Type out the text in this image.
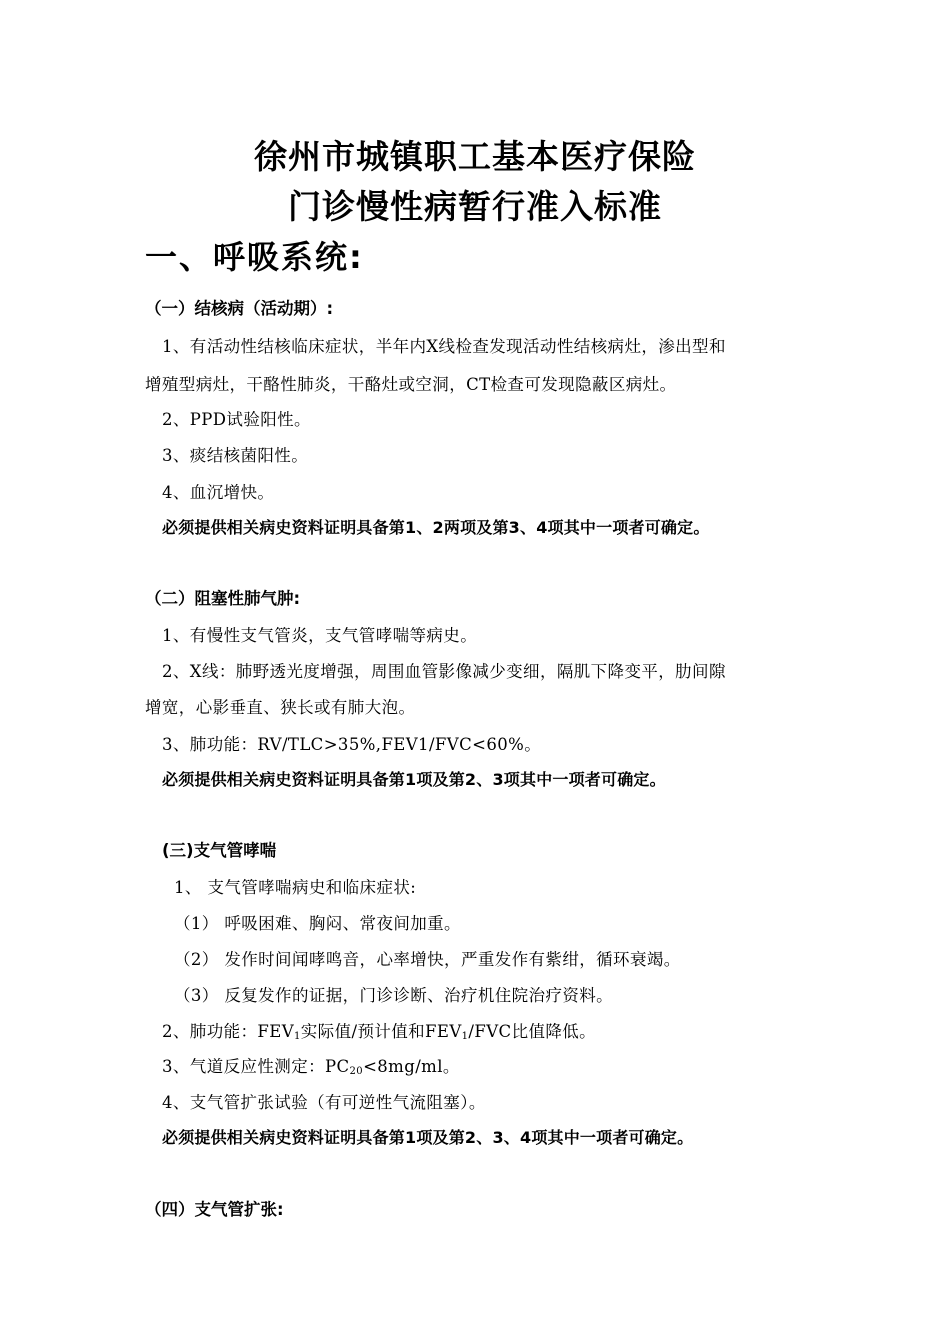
徐州市城镇职工基本医疗保险
门诊慢性病暂行准入标准
一、呼吸系统:
（一）结核病（活动期）:
1、有活动性结核临床症状，半年内X线检查发现活动性结核病灶，渗出型和
增殖型病灶，干酪性肺炎，干酪灶或空洞，CT检查可发现隐蔽区病灶。
2、PPD试验阳性。
3、痰结核菌阳性。
4、血沉增快。
必须提供相关病史资料证明具备第1、2两项及第3、4项其中一项者可确定。
（二）阻塞性肺气肿:
1、有慢性支气管炎，支气管哮喘等病史。
2、X线：肺野透光度增强，周围血管影像减少变细，隔肌下降变平，肋间隙
增宽，心影垂直、狭长或有肺大泡。
3、肺功能：RV/TLC>35%,FEV1/FVC<60%。
必须提供相关病史资料证明具备第1项及第2、3项其中一项者可确定。
(三)支气管哮喘
1、 支气管哮喘病史和临床症状:
（1） 呼吸困难、胸闷、常夜间加重。
（2） 发作时间闻哮鸣音，心率增快，严重发作有紫绀，循环衰竭。
（3） 反复发作的证据，门诊诊断、治疗机住院治疗资料。
2、肺功能：$FEV_1$实际值/预计值和$FEV_1$/FVC比值降低。
3、气道反应性测定：$PC_{20}<8mg/ml$。
4、支气管扩张试验（有可逆性气流阻塞）。
必须提供相关病史资料证明具备第1项及第2、3、4项其中一项者可确定。
（四）支气管扩张:
